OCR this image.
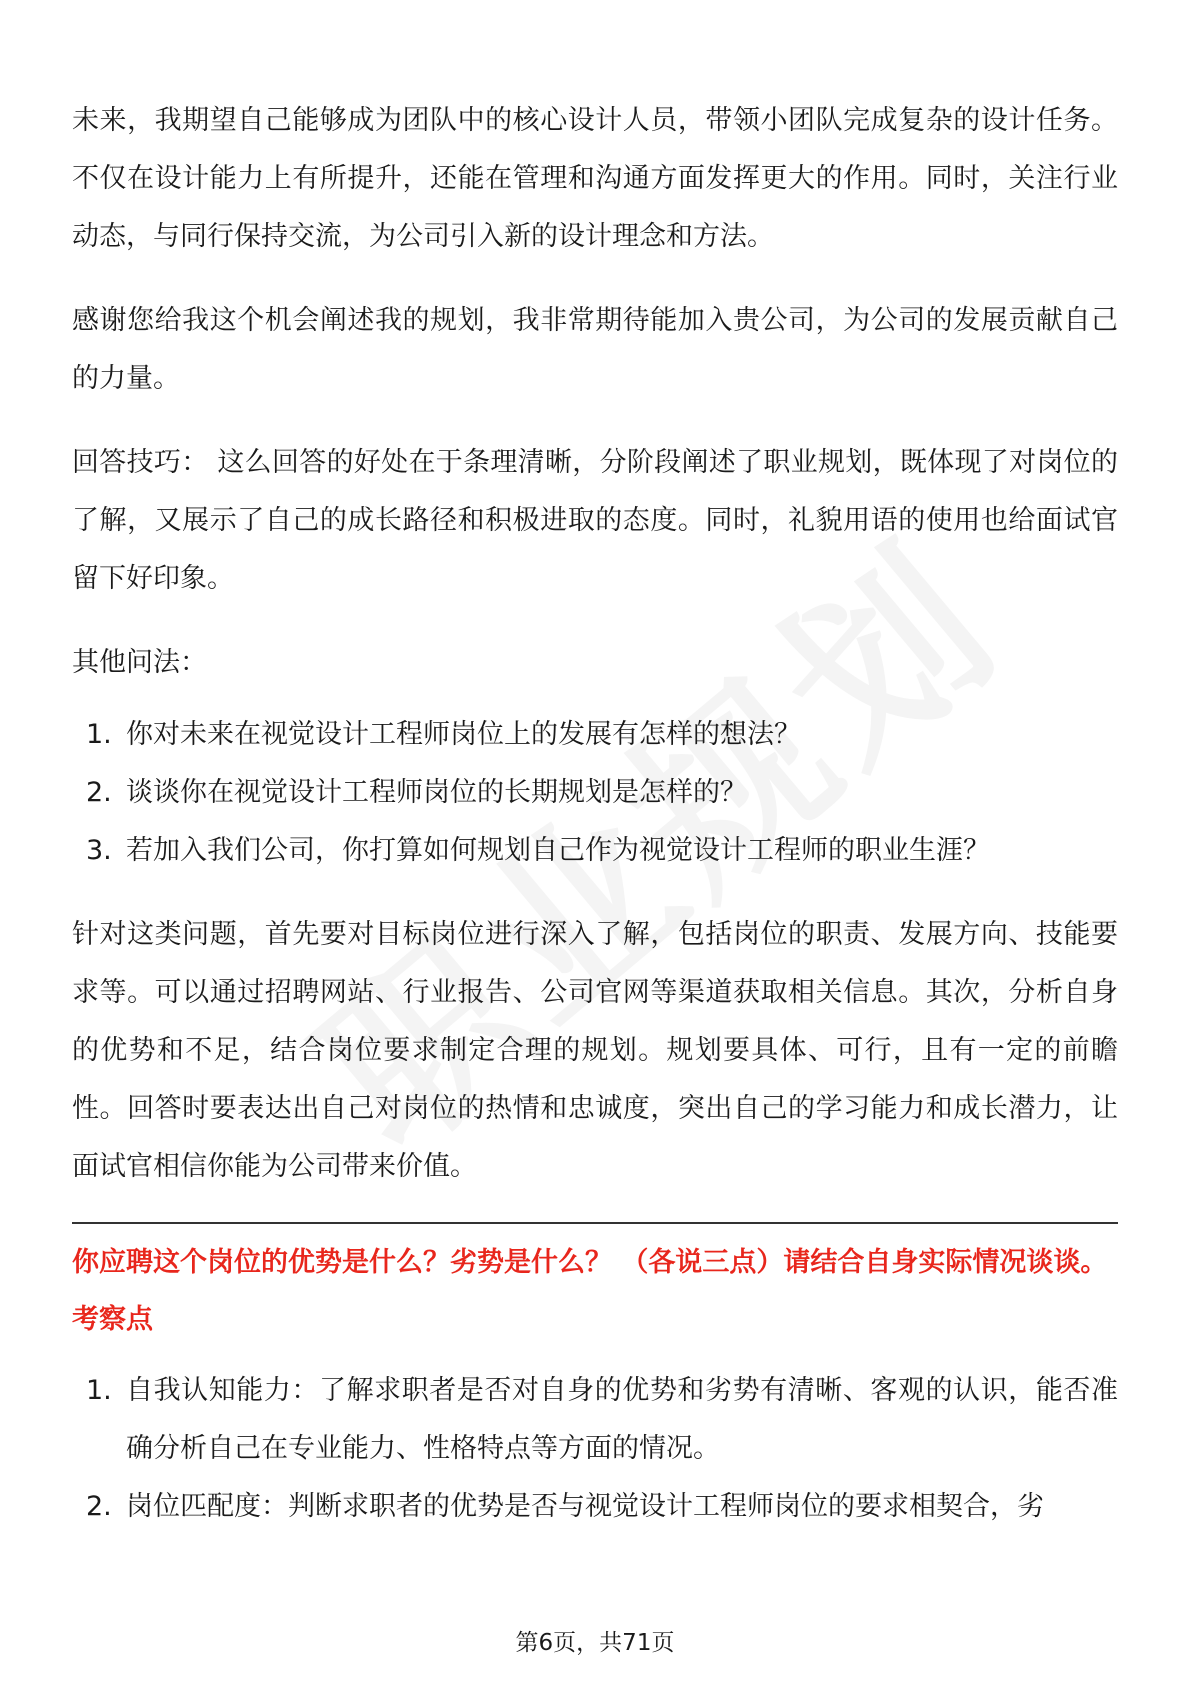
未来，我期望自己能够成为团队中的核心设计人员，带领小团队完成复杂的设计任务。不仅在设计能力上有所提升，还能在管理和沟通方面发挥更大的作用。同时，关注行业动态，与同行保持交流，为公司引入新的设计理念和方法。

感谢您给我这个机会阐述我的规划，我非常期待能加入贵公司，为公司的发展贡献自己的力量。

回答技巧： 这么回答的好处在于条理清晰，分阶段阐述了职业规划，既体现了对岗位的了解，又展示了自己的成长路径和积极进取的态度。同时，礼貌用语的使用也给面试官留下好印象。

其他问法：
1. 你对未来在视觉设计工程师岗位上的发展有怎样的想法？
2. 谈谈你在视觉设计工程师岗位的长期规划是怎样的？
3. 若加入我们公司，你打算如何规划自己作为视觉设计工程师的职业生涯？

针对这类问题，首先要对目标岗位进行深入了解，包括岗位的职责、发展方向、技能要求等。可以通过招聘网站、行业报告、公司官网等渠道获取相关信息。其次，分析自身的优势和不足，结合岗位要求制定合理的规划。规划要具体、可行，且有一定的前瞻性。回答时要表达出自己对岗位的热情和忠诚度，突出自己的学习能力和成长潜力，让面试官相信你能为公司带来价值。

你应聘这个岗位的优势是什么？劣势是什么？ （各说三点）请结合自身实际情况谈谈。
考察点
1. 自我认知能力：了解求职者是否对自身的优势和劣势有清晰、客观的认识，能否准确分析自己在专业能力、性格特点等方面的情况。
2. 岗位匹配度：判断求职者的优势是否与视觉设计工程师岗位的要求相契合，劣
第6页，共71页
